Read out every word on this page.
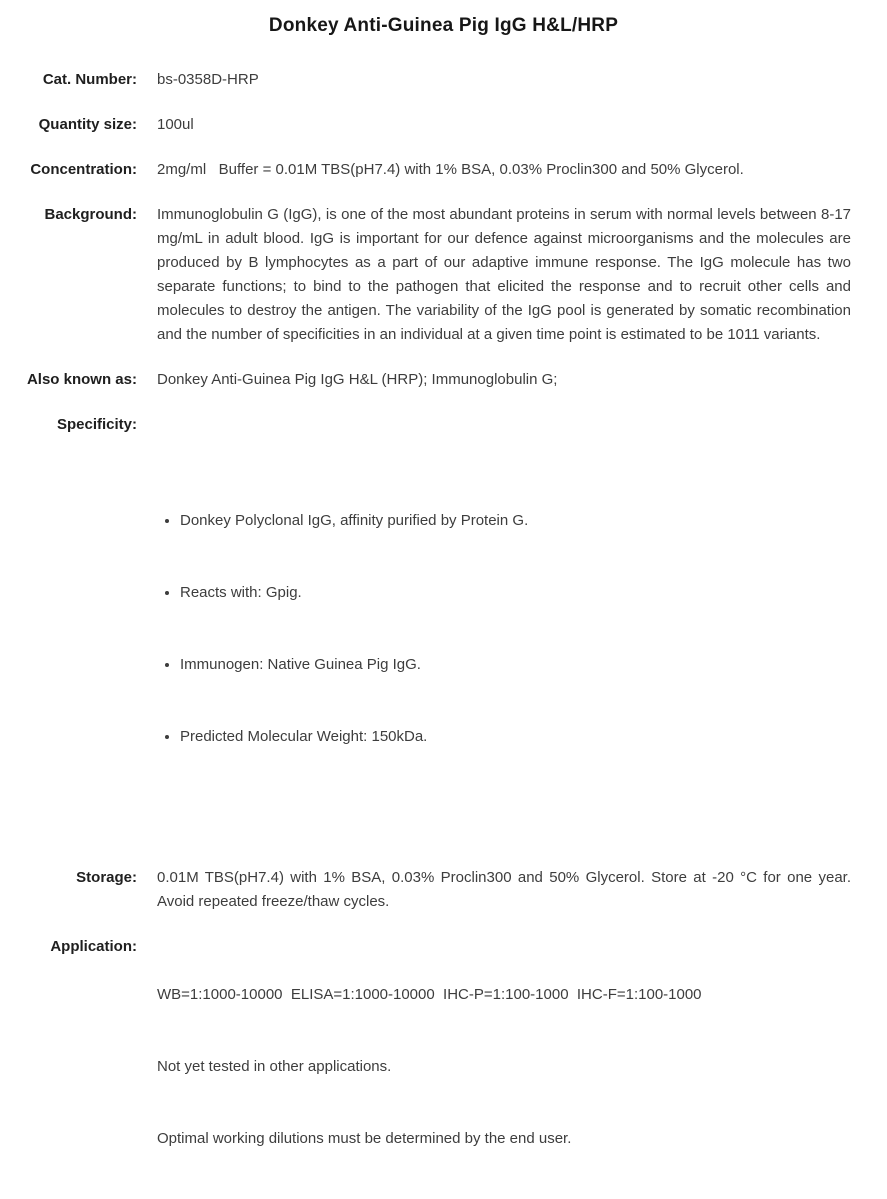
Donkey Anti-Guinea Pig IgG H&L/HRP
Cat. Number: bs-0358D-HRP
Quantity size: 100ul
Concentration: 2mg/ml   Buffer = 0.01M TBS(pH7.4) with 1% BSA, 0.03% Proclin300 and 50% Glycerol.
Background: Immunoglobulin G (IgG), is one of the most abundant proteins in serum with normal levels between 8-17 mg/mL in adult blood. IgG is important for our defence against microorganisms and the molecules are produced by B lymphocytes as a part of our adaptive immune response. The IgG molecule has two separate functions; to bind to the pathogen that elicited the response and to recruit other cells and molecules to destroy the antigen. The variability of the IgG pool is generated by somatic recombination and the number of specificities in an individual at a given time point is estimated to be 1011 variants.
Also known as: Donkey Anti-Guinea Pig IgG H&L (HRP); Immunoglobulin G;
Specificity:

• Donkey Polyclonal IgG, affinity purified by Protein G.

• Reacts with: Gpig.

• Immunogen: Native Guinea Pig IgG.

• Predicted Molecular Weight: 150kDa.

Storage: 0.01M TBS(pH7.4) with 1% BSA, 0.03% Proclin300 and 50% Glycerol. Store at -20 °C for one year. Avoid repeated freeze/thaw cycles.
Application:

WB=1:1000-10000  ELISA=1:1000-10000  IHC-P=1:100-1000  IHC-F=1:100-1000

Not yet tested in other applications.

Optimal working dilutions must be determined by the end user.
